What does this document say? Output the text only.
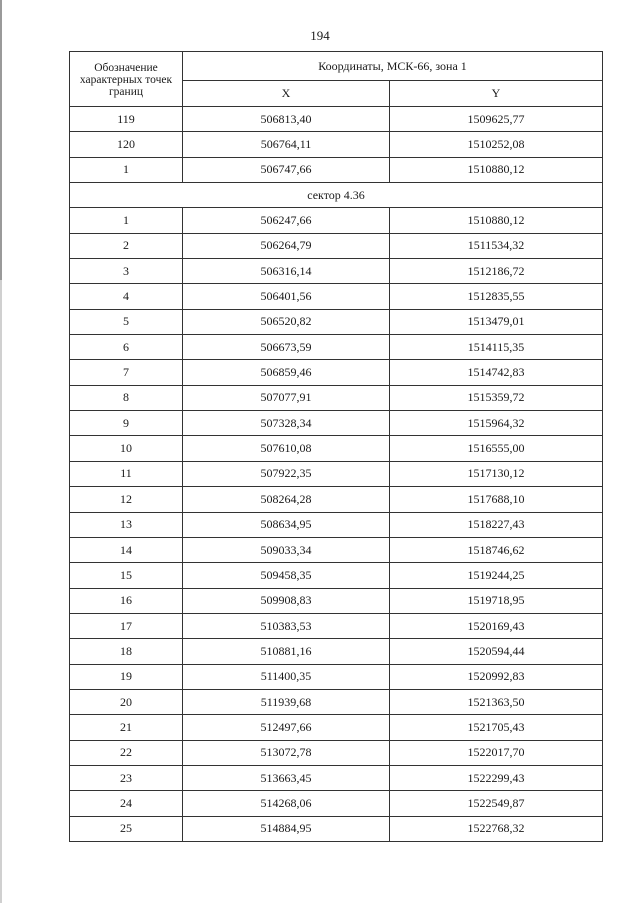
194
Обозначение характерных точек границ	Координаты, МСК-66, зона 1	
	X	Y
119	506813,40	1509625,77
120	506764,11	1510252,08
1	506747,66	1510880,12
сектор 4.36		
1	506247,66	1510880,12
2	506264,79	1511534,32
3	506316,14	1512186,72
4	506401,56	1512835,55
5	506520,82	1513479,01
6	506673,59	1514115,35
7	506859,46	1514742,83
8	507077,91	1515359,72
9	507328,34	1515964,32
10	507610,08	1516555,00
11	507922,35	1517130,12
12	508264,28	1517688,10
13	508634,95	1518227,43
14	509033,34	1518746,62
15	509458,35	1519244,25
16	509908,83	1519718,95
17	510383,53	1520169,43
18	510881,16	1520594,44
19	511400,35	1520992,83
20	511939,68	1521363,50
21	512497,66	1521705,43
22	513072,78	1522017,70
23	513663,45	1522299,43
24	514268,06	1522549,87
25	514884,95	1522768,32
